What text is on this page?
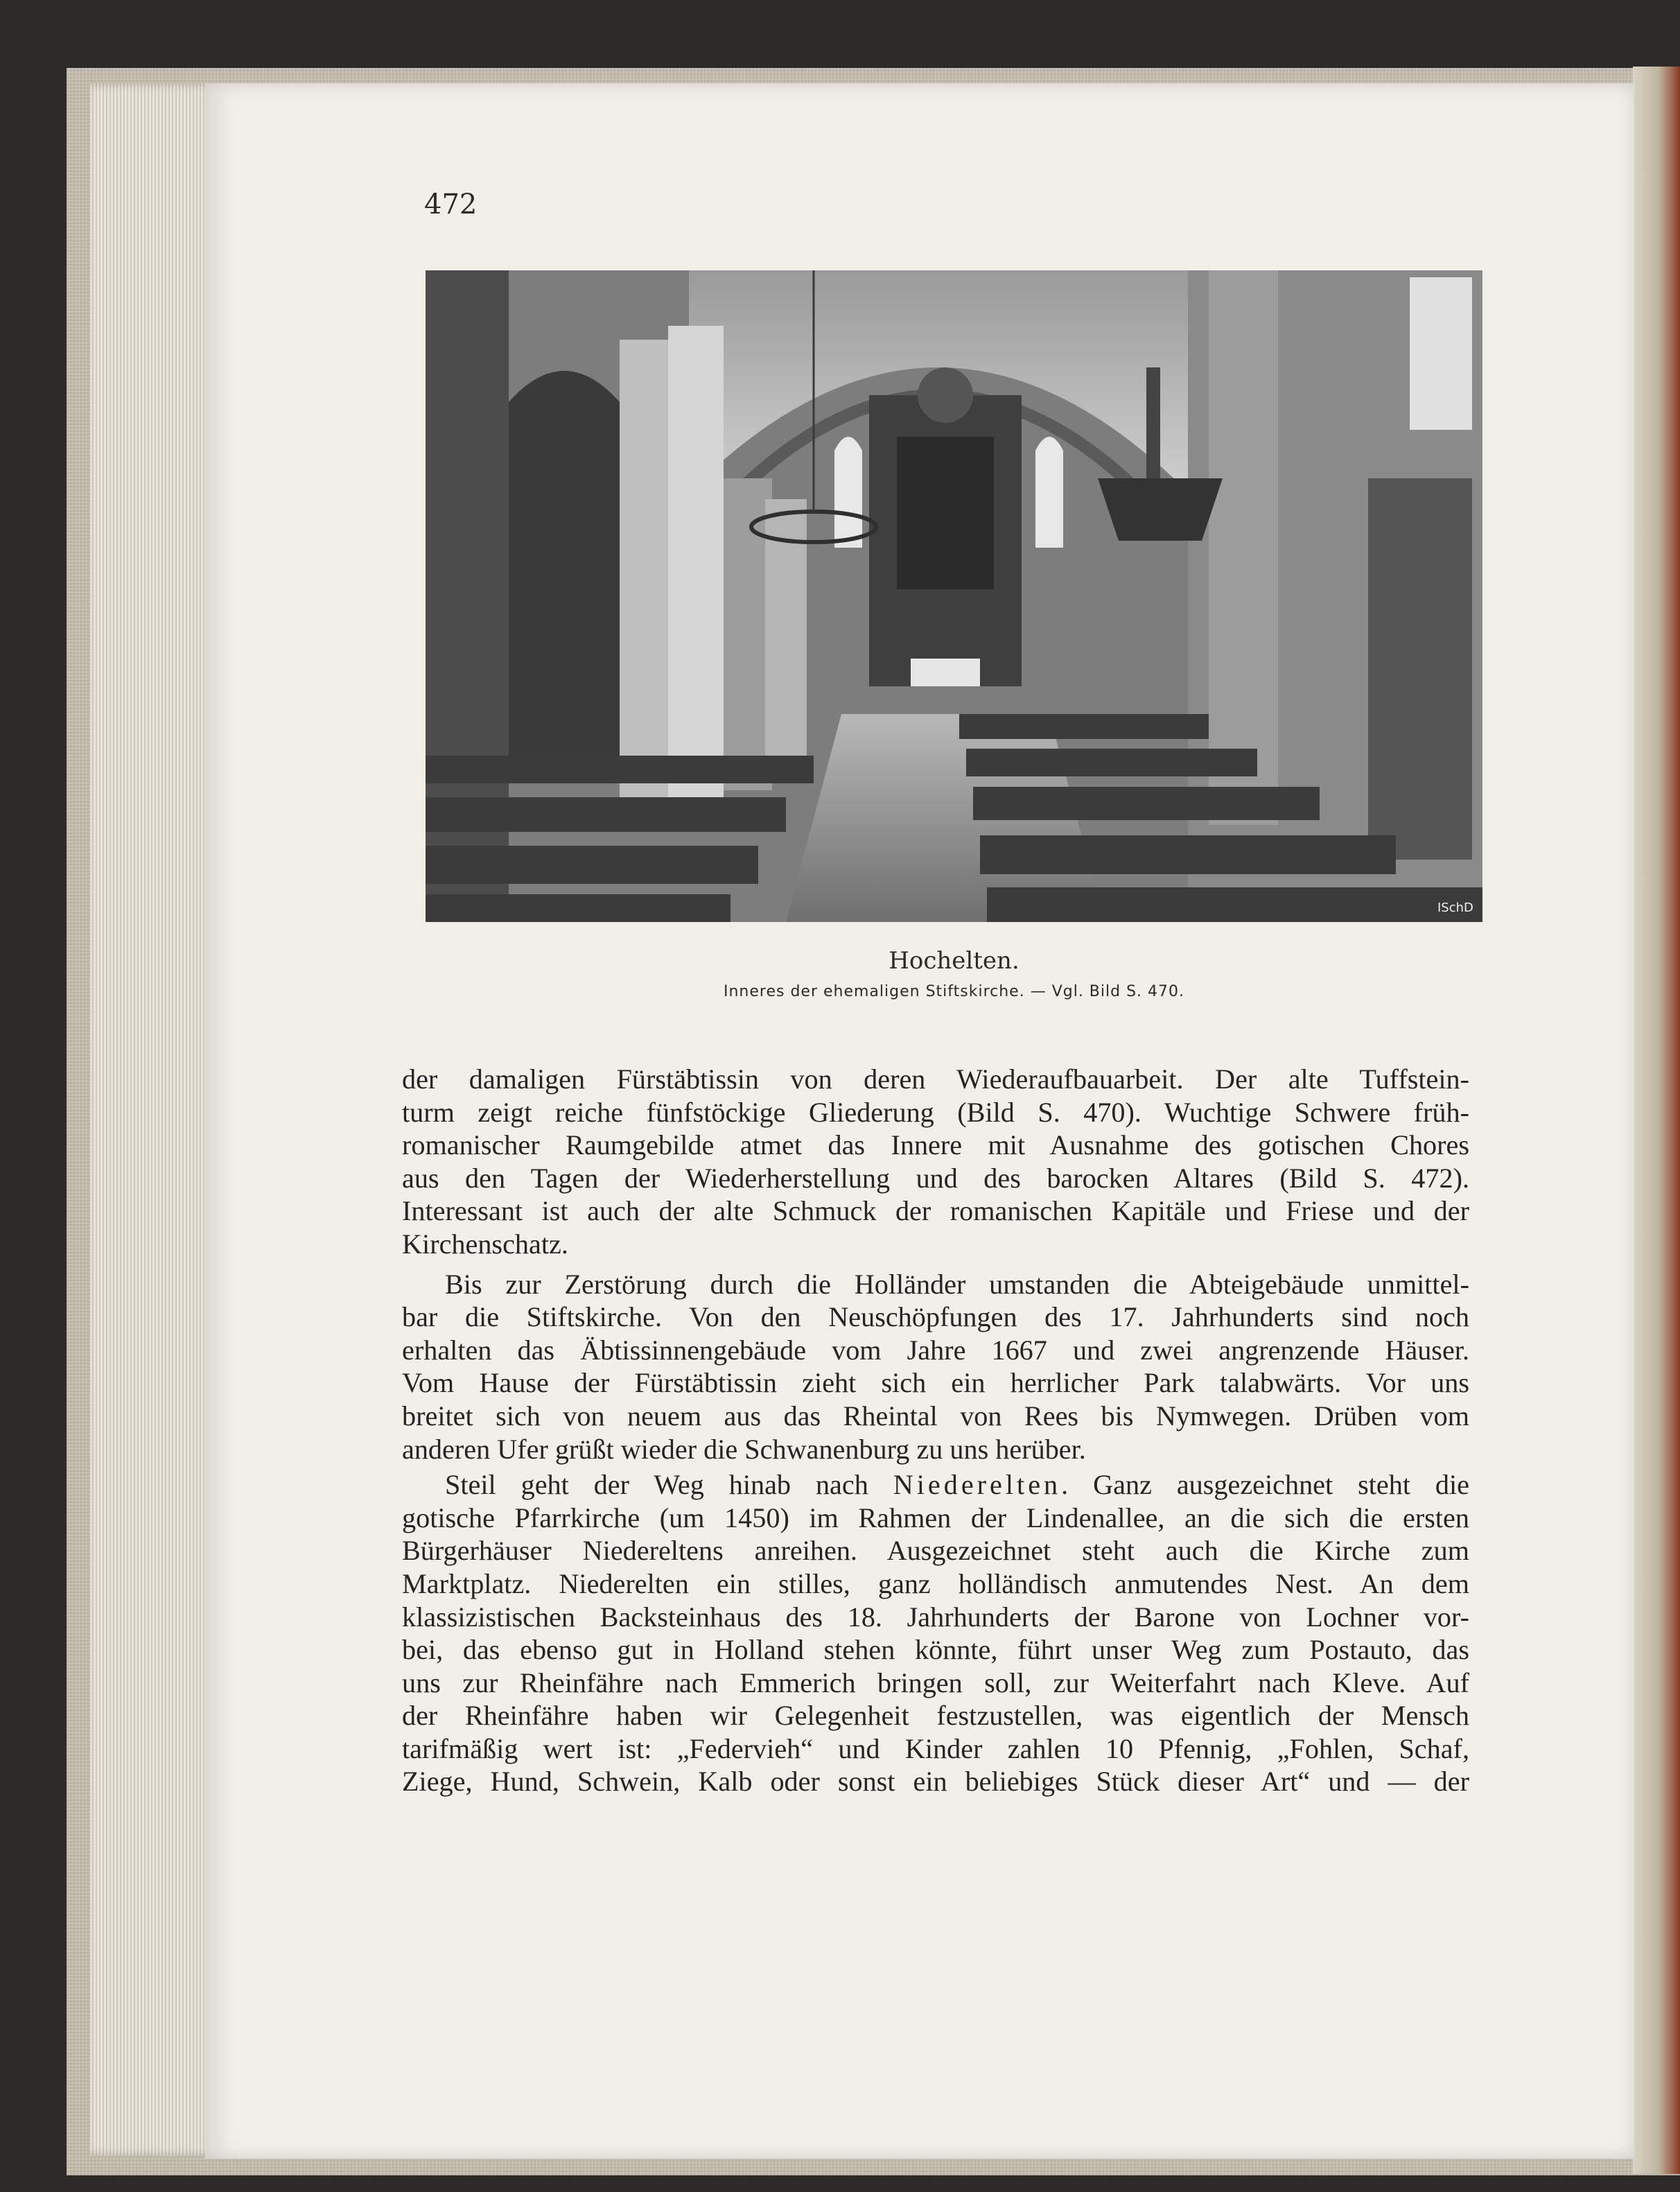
472
ISchD
Hochelten.
Inneres der ehemaligen Stiftskirche. — Vgl. Bild S. 470.
der damaligen Fürstäbtissin von deren Wiederaufbauarbeit. Der alte Tuffstein-
turm zeigt reiche fünfstöckige Gliederung (Bild S. 470). Wuchtige Schwere früh-
romanischer Raumgebilde atmet das Innere mit Ausnahme des gotischen Chores
aus den Tagen der Wiederherstellung und des barocken Altares (Bild S. 472).
Interessant ist auch der alte Schmuck der romanischen Kapitäle und Friese und der
Kirchenschatz.
Bis zur Zerstörung durch die Holländer umstanden die Abteigebäude unmittel-
bar die Stiftskirche. Von den Neuschöpfungen des 17. Jahrhunderts sind noch
erhalten das Äbtissinnengebäude vom Jahre 1667 und zwei angrenzende Häuser.
Vom Hause der Fürstäbtissin zieht sich ein herrlicher Park talabwärts. Vor uns
breitet sich von neuem aus das Rheintal von Rees bis Nymwegen. Drüben vom
anderen Ufer grüßt wieder die Schwanenburg zu uns herüber.
Steil geht der Weg hinab nach Niederelten. Ganz ausgezeichnet steht die
gotische Pfarrkirche (um 1450) im Rahmen der Lindenallee, an die sich die ersten
Bürgerhäuser Niedereltens anreihen. Ausgezeichnet steht auch die Kirche zum
Marktplatz. Niederelten ein stilles, ganz holländisch anmutendes Nest. An dem
klassizistischen Backsteinhaus des 18. Jahrhunderts der Barone von Lochner vor-
bei, das ebenso gut in Holland stehen könnte, führt unser Weg zum Postauto, das
uns zur Rheinfähre nach Emmerich bringen soll, zur Weiterfahrt nach Kleve. Auf
der Rheinfähre haben wir Gelegenheit festzustellen, was eigentlich der Mensch
tarifmäßig wert ist: „Federvieh“ und Kinder zahlen 10 Pfennig, „Fohlen, Schaf,
Ziege, Hund, Schwein, Kalb oder sonst ein beliebiges Stück dieser Art“ und — der
